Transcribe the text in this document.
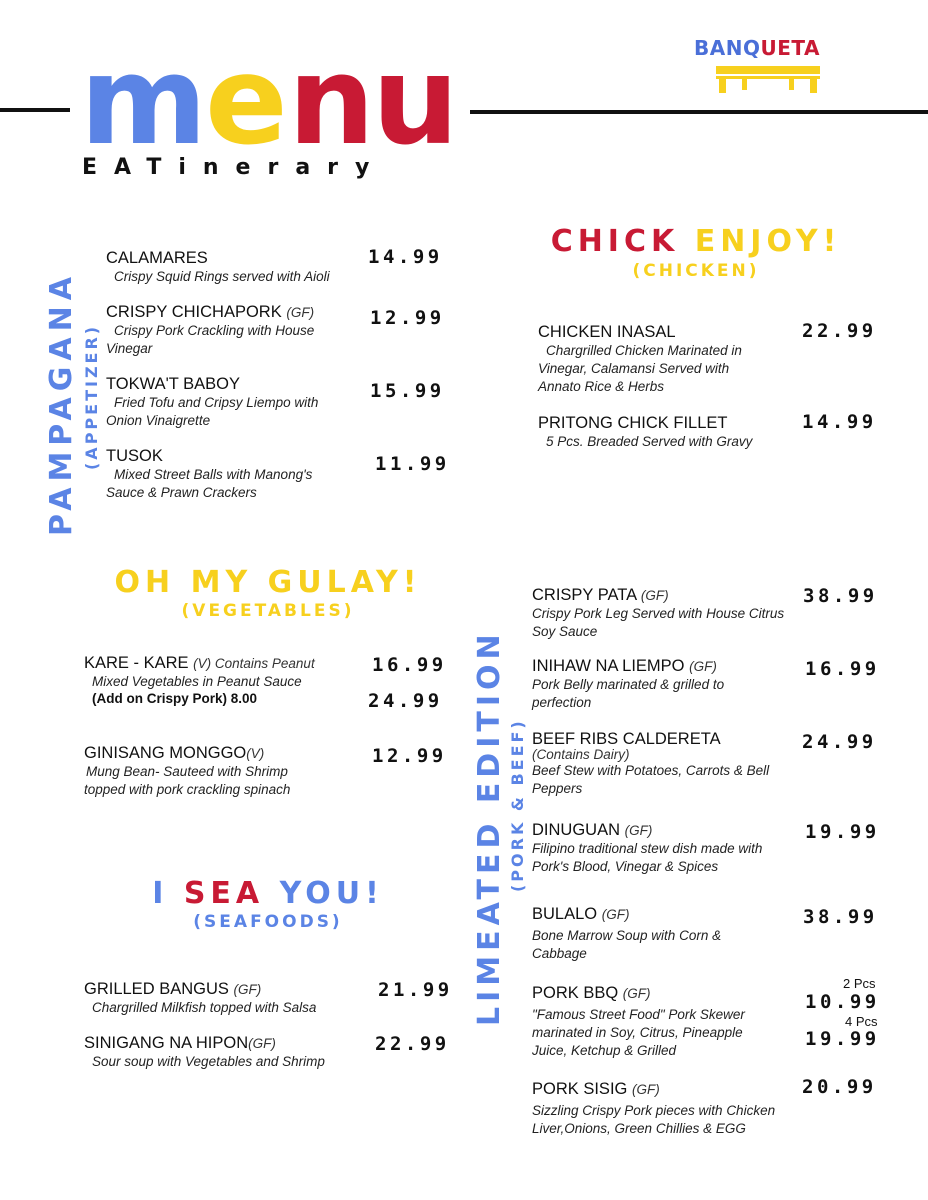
m e n u
EATinerary
BANQUETA
PAMPAGANA (APPETIZER)
CALAMARES
Crispy Squid Rings served with Aioli
14.99
CRISPY CHICHAPORK (GF)
Crispy Pork Crackling with House
Vinegar
12.99
TOKWA'T BABOY
Fried Tofu and Cripsy Liempo with
Onion Vinaigrette
15.99
TUSOK
Mixed Street Balls with Manong's
Sauce & Prawn Crackers
11.99
CHICK ENJOY!
(CHICKEN)
CHICKEN INASAL
Chargrilled Chicken Marinated in
Vinegar, Calamansi Served with
Annato Rice & Herbs
22.99
PRITONG CHICK FILLET
5 Pcs. Breaded Served with Gravy
14.99
OH MY GULAY!
(VEGETABLES)
KARE - KARE (V) Contains Peanut
Mixed Vegetables in Peanut Sauce
(Add on Crispy Pork) 8.00
16.99
24.99
GINISANG MONGGO(V)
Mung Bean- Sauteed with Shrimp
topped with pork crackling spinach
12.99
I SEA YOU!
(SEAFOODS)
GRILLED BANGUS (GF)
Chargrilled Milkfish topped with Salsa
21.99
SINIGANG NA HIPON(GF)
Sour soup with Vegetables and Shrimp
22.99
LIMEATED EDITION (PORK & BEEF)
CRISPY PATA (GF)
Crispy Pork Leg Served with House Citrus
Soy Sauce
38.99
INIHAW NA LIEMPO (GF)
Pork Belly marinated & grilled to
perfection
16.99
BEEF RIBS CALDERETA
(Contains Dairy)
Beef Stew with Potatoes, Carrots & Bell
Peppers
24.99
DINUGUAN (GF)
Filipino traditional stew dish made with
Pork's Blood, Vinegar & Spices
19.99
BULALO (GF)
Bone Marrow Soup with Corn &
Cabbage
38.99
PORK BBQ (GF)
"Famous Street Food" Pork Skewer
marinated in Soy, Citrus, Pineapple
Juice, Ketchup & Grilled
2 Pcs
10.99
4 Pcs
19.99
PORK SISIG (GF)
Sizzling Crispy Pork pieces with Chicken
Liver,Onions, Green Chillies & EGG
20.99
